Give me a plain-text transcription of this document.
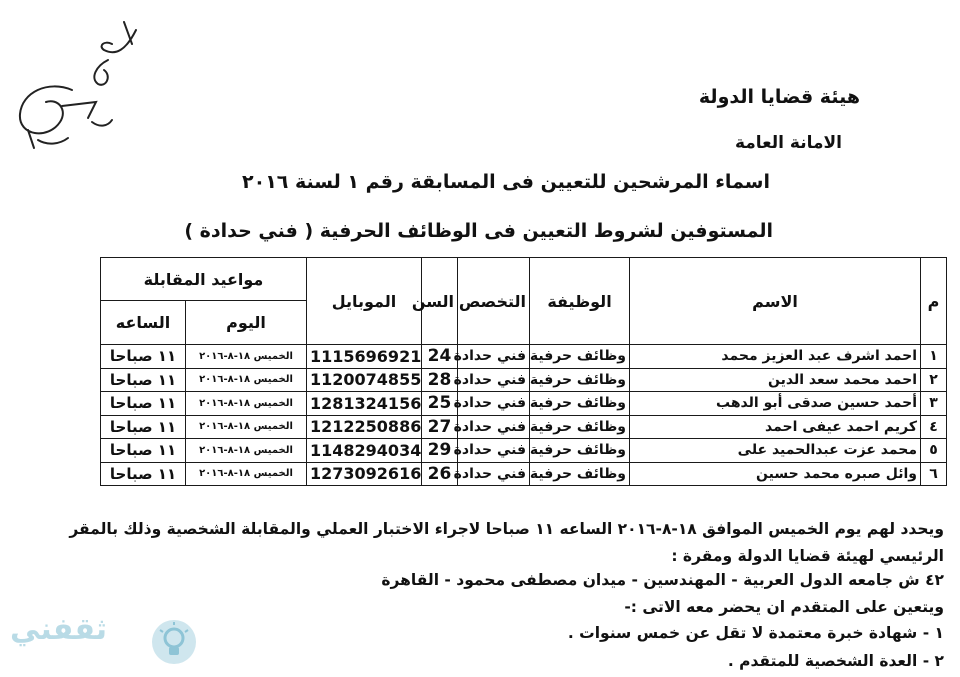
هيئة قضايا الدولة
الامانة العامة
اسماء المرشحين للتعيين فى المسابقة رقم ١ لسنة ٢٠١٦
المستوفين لشروط التعيين فى الوظائف الحرفية ( فني حدادة )
م	الاسم	الوظيفة	التخصص	السن	الموبايل	مواعيد المقابلة	
						اليوم	الساعه
١	احمد اشرف عبد العزيز محمد	وظائف حرفية	فني حدادة	24	1115696921	الخميس ١٨-٨-٢٠١٦	١١ صباحا
٢	احمد محمد سعد الدين	وظائف حرفية	فني حدادة	28	1120074855	الخميس ١٨-٨-٢٠١٦	١١ صباحا
٣	أحمد حسين صدقى أبو الدهب	وظائف حرفية	فني حدادة	25	1281324156	الخميس ١٨-٨-٢٠١٦	١١ صباحا
٤	كريم احمد عيفى احمد	وظائف حرفية	فني حدادة	27	1212250886	الخميس ١٨-٨-٢٠١٦	١١ صباحا
٥	محمد عزت عبدالحميد على	وظائف حرفية	فني حدادة	29	1148294034	الخميس ١٨-٨-٢٠١٦	١١ صباحا
٦	وائل صبره محمد حسين	وظائف حرفية	فني حدادة	26	1273092616	الخميس ١٨-٨-٢٠١٦	١١ صباحا

ويحدد لهم يوم الخميس الموافق ١٨-٨-٢٠١٦ الساعه ١١ صباحا لاجراء الاختبار العملي والمقابلة الشخصية وذلك بالمقر

الرئيسي لهيئة قضايا الدولة ومقرة :

٤٢ ش جامعه الدول العربية - المهندسين - ميدان مصطفى محمود - القاهرة

ويتعين على المتقدم ان يحضر معه الاتى :-

١ - شهادة خبرة معتمدة لا تقل عن خمس سنوات .

٢ - العدة الشخصية للمتقدم .

ثقفني
